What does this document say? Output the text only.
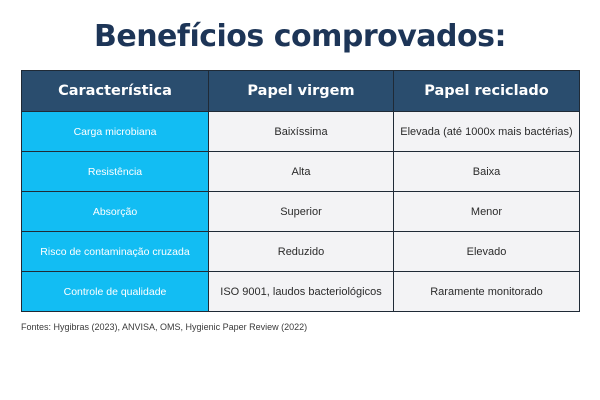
Benefícios comprovados:
Característica	Papel virgem	Papel reciclado
Carga microbiana	Baixíssima	Elevada (até 1000x mais bactérias)
Resistência	Alta	Baixa
Absorção	Superior	Menor
Risco de contaminação cruzada	Reduzido	Elevado
Controle de qualidade	ISO 9001, laudos bacteriológicos	Raramente monitorado
Fontes: Hygibras (2023), ANVISA, OMS, Hygienic Paper Review (2022)
